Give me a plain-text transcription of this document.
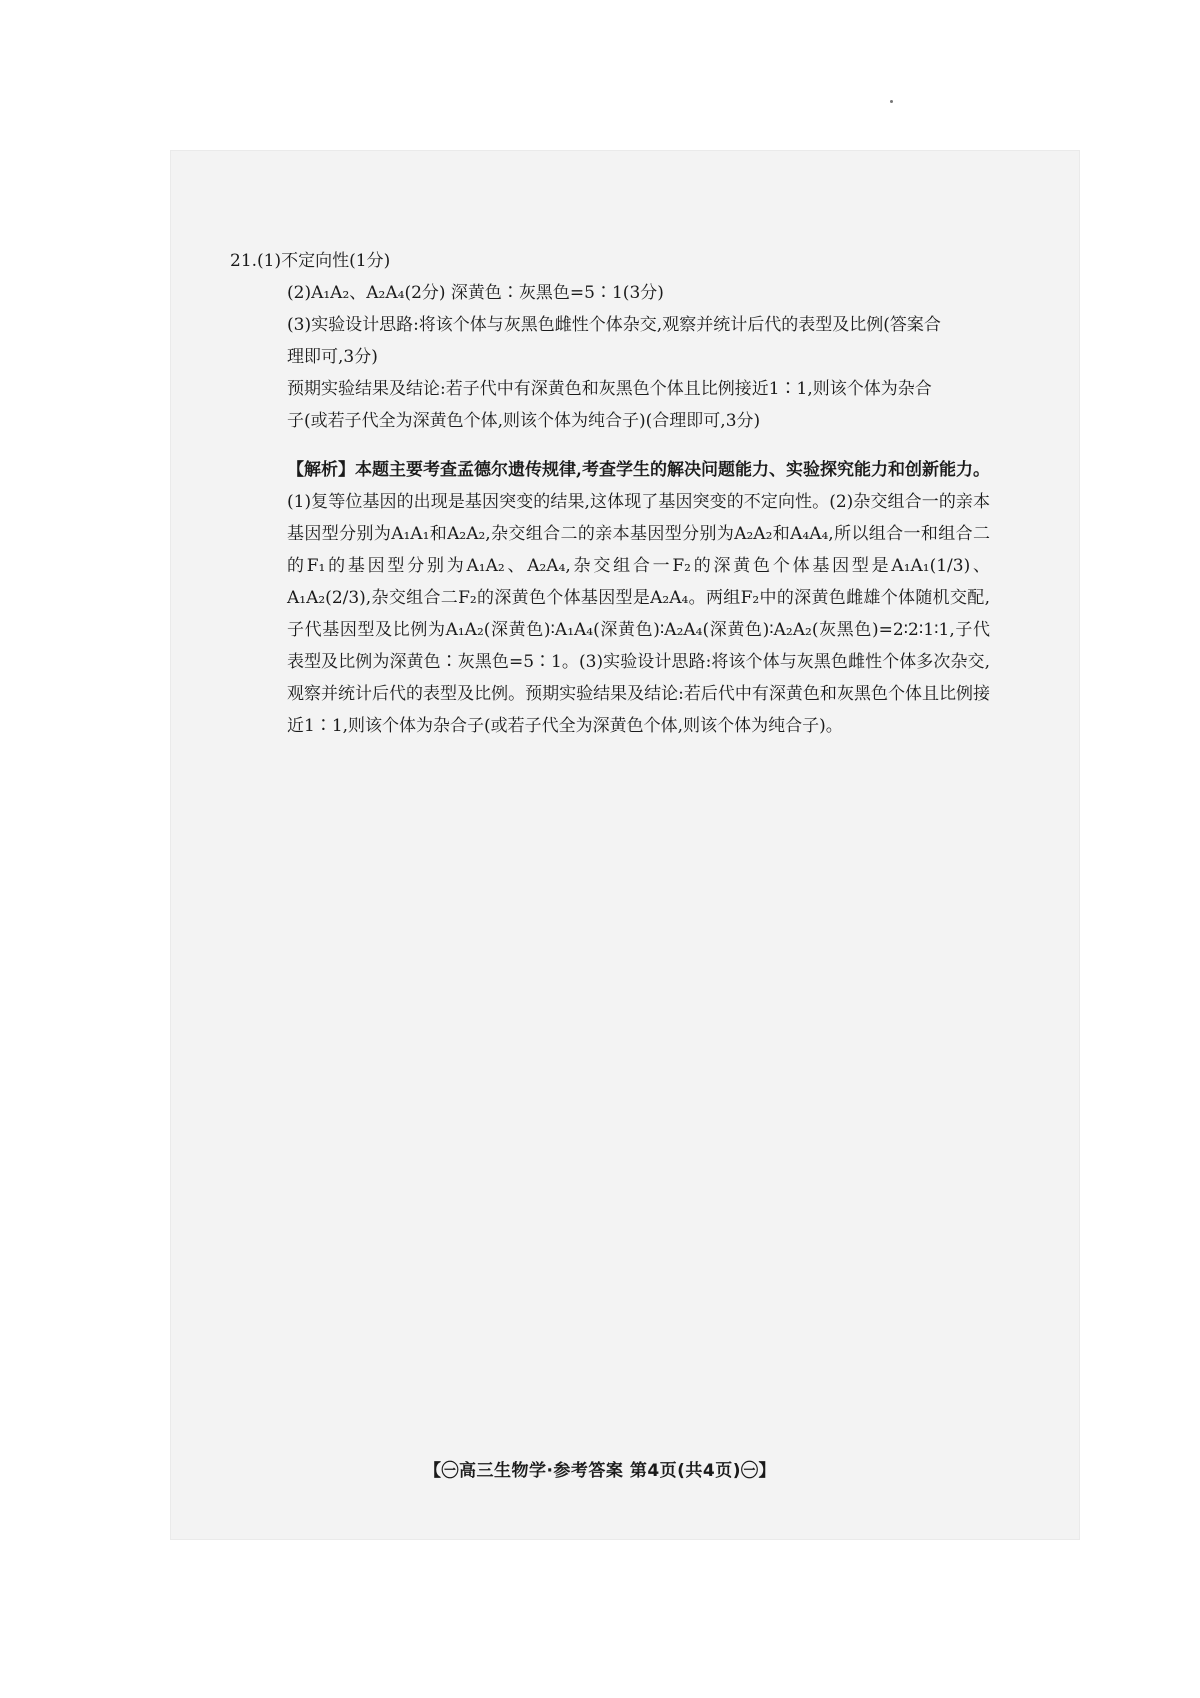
21.(1)不定向性(1分)

(2)A₁A₂、A₂A₄(2分) 深黄色∶灰黑色=5∶1(3分)

(3)实验设计思路:将该个体与灰黑色雌性个体杂交,观察并统计后代的表型及比例(答案合

理即可,3分)

预期实验结果及结论:若子代中有深黄色和灰黑色个体且比例接近1∶1,则该个体为杂合

子(或若子代全为深黄色个体,则该个体为纯合子)(合理即可,3分)

【解析】本题主要考查孟德尔遗传规律,考查学生的解决问题能力、实验探究能力和创新能力。(1)复等位基因的出现是基因突变的结果,这体现了基因突变的不定向性。(2)杂交组合一的亲本基因型分别为A₁A₁和A₂A₂,杂交组合二的亲本基因型分别为A₂A₂和A₄A₄,所以组合一和组合二的F₁的基因型分别为A₁A₂、A₂A₄,杂交组合一F₂的深黄色个体基因型是A₁A₁(1/3)、A₁A₂(2/3),杂交组合二F₂的深黄色个体基因型是A₂A₄。两组F₂中的深黄色雌雄个体随机交配,子代基因型及比例为A₁A₂(深黄色)∶A₁A₄(深黄色)∶A₂A₄(深黄色)∶A₂A₂(灰黑色)=2∶2∶1∶1,子代表型及比例为深黄色∶灰黑色=5∶1。(3)实验设计思路:将该个体与灰黑色雌性个体多次杂交,观察并统计后代的表型及比例。预期实验结果及结论:若后代中有深黄色和灰黑色个体且比例接近1∶1,则该个体为杂合子(或若子代全为深黄色个体,则该个体为纯合子)。

【㊀高三生物学·参考答案 第4页(共4页)㊀】
